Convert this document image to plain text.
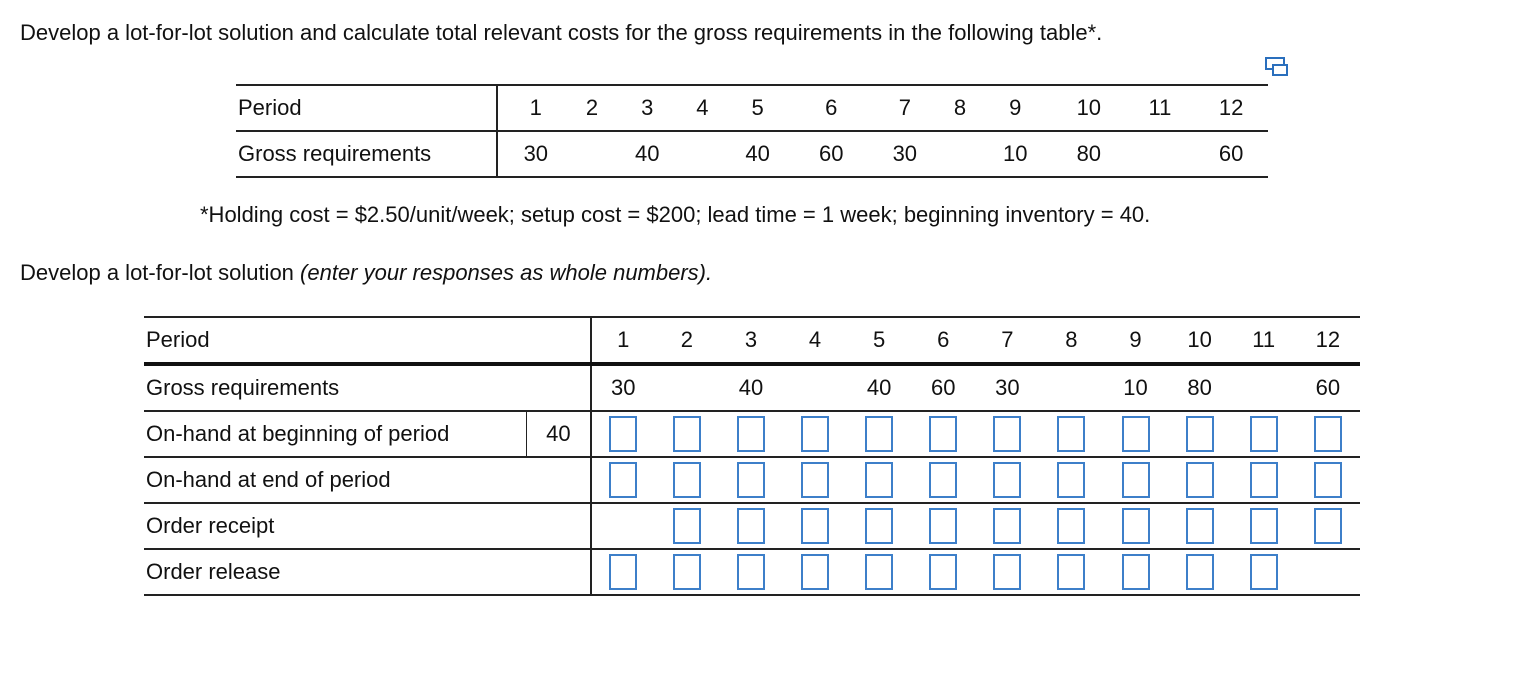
Develop a lot-for-lot solution and calculate total relevant costs for the gross requirements in the following table*.
Period	1	2	3	4	5	6	7	8	9	10	11	12
Gross requirements	30		40		40	60	30		10	80		60
*Holding cost = $2.50/unit/week; setup cost = $200; lead time = 1 week; beginning inventory = 40.
Develop a lot-for-lot solution (enter your responses as whole numbers).
Period		1	2	3	4	5	6	7	8	9	10	11	12
Gross requirements		30		40		40	60	30		10	80		60
On-hand at beginning of period	40	

On-hand at end of period	

Order receipt		

Order release	
